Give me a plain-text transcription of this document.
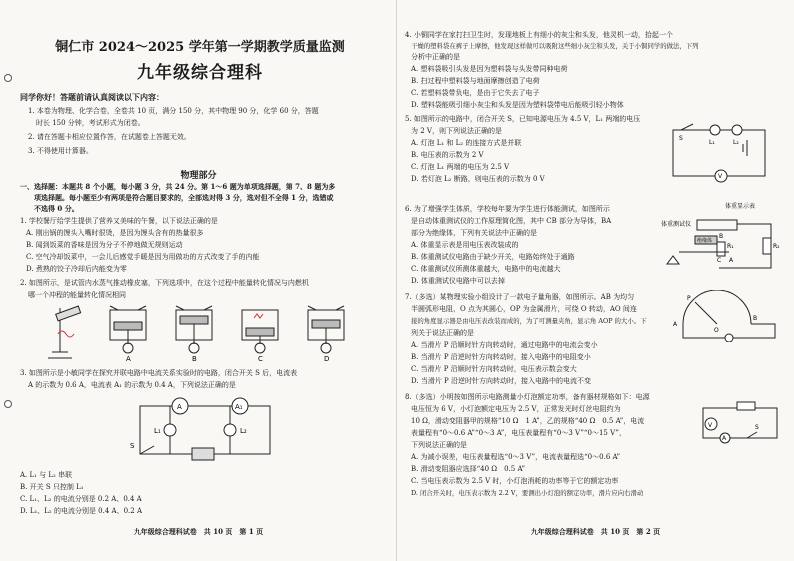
铜仁市 2024～2025 学年第一学期教学质量监测
九年级综合理科
同学你好！答题前请认真阅读以下内容：
1. 本卷为物理、化学合卷，全卷共 10 页，满分 150 分，其中物理 90 分，化学 60 分，答题
时长 150 分钟，考试形式为闭卷。
2. 请在答题卡相应位置作答，在试题卷上答题无效。
3. 不得使用计算器。
物理部分
一、选择题：本题共 8 个小题，每小题 3 分，共 24 分。第 1～6 题为单项选择题，第 7、8 题为多
项选择题。每小题至少有两项是符合题目要求的，全部选对得 3 分，选对但不全得 1 分，选错或
不选得 0 分。
1. 学校餐厅给学生提供了营养又美味的午餐，以下说法正确的是
A. 刚出锅的馒头入嘴时很烫，是因为馒头含有的热量很多
B. 闻到饭菜的香味是因为分子不停地做无规则运动
C. 空气冷却饭菜中，一会儿后感觉手暖是因为用做功的方式改变了手的内能
D. 煮熟的饺子冷却后内能变为零
2. 如图所示，是试管内水蒸气推动橡皮塞，下列选项中，在这个过程中能量转化情况与内燃机
哪一个冲程的能量转化情况相同
A	B	C	D
3. 如图所示是小敏同学在探究并联电路中电流关系实验时的电路，闭合开关 S 后，电流表
A 的示数为 0.6 A，电流表 A₁ 的示数为 0.4 A，下列说法正确的是
A	A₁
L₁	L₂
S
A. L₁ 与 L₂ 串联
B. 开关 S 只控制 L₁
C. L₁、L₂ 的电流分别是 0.2 A、0.4 A
D. L₁、L₂ 的电流分别是 0.4 A、0.2 A
九年级综合理科试卷　共 10 页　第 1 页
4. 小铜同学在家打扫卫生时，发现地板上有细小的灰尘和头发，他灵机一动，拾起一个
干燥的塑料袋在裤子上摩擦，他发现这样做可以吸附这些细小灰尘和头发，关于小铜同学的做法，下列
分析中正确的是
A. 塑料袋吸引头发是因为塑料袋与头发带同种电荷
B. 扫过程中塑料袋与地面摩擦创造了电荷
C. 若塑料袋带负电，是由于它失去了电子
D. 塑料袋能吸引细小灰尘和头发是因为塑料袋带电后能吸引轻小物体
5. 如图所示的电路中，闭合开关 S，已知电源电压为 4.5 V，L₁ 两端的电压
为 2 V，则下列说法正确的是
A. 灯泡 L₁ 和 L₂ 的连接方式是并联
B. 电压表的示数为 2 V
C. 灯泡 L₁ 两端的电压为 2.5 V
D. 若灯泡 L₂ 断路，则电压表的示数为 0 V
S
L₁	L₂
V
6. 为了增强学生体质，学校每年要为学生进行体能测试，如图所示
是自动体重测试仪的工作原理简化图，其中 CB 部分为导体，BA
部分为绝缘体，下列有关说法中正确的是
A. 体重显示表是用电压表改装成的
B. 体重测试仪电路由于缺少开关，电路始终处于通路
C. 体重测试仪所测体重越大，电路中的电流越大
D. 体重测试仪电路中可以去掉
体重显示表
体重测试仪
绝缘体
R₁	R₂
A
B
C
7.（多选）某物理实验小组设计了一款电子量角器，如图所示。AB 为均匀
半圆弧形电阻，O 点为其圆心，OP 为金属滑片，可绕 O 转动，AO 间连
接的角度显示器是由电压表改装而成的，为了可测量夹角，显示角 AOP 的大小。下
列关于说法正确的是
A. 当滑片 P 沿顺时针方向转动时，通过电路中的电流会变小
B. 当滑片 P 沿逆时针方向转动时，接入电路中的电阻变小
C. 当滑片 P 沿顺时针方向转动时，电压表示数会变大
D. 当滑片 P 沿逆时针方向转动时，接入电路中的电流不变
P
A
O
B
8.（多选）小明按如图所示电路测量小灯泡额定功率，备有器材规格如下：电源
电压恒为 6 V，小灯泡额定电压为 2.5 V，正常发光时灯丝电阻约为
10 Ω，滑动变阻器甲的规格“10 Ω　1 A”，乙的规格“40 Ω　0.5 A”，电流
表量程有“0～0.6 A”“0～3 A”，电压表量程有“0～3 V”“0～15 V”，
下列说法正确的是
A. 为减小误差，电压表量程选“0～3 V”，电流表量程选“0～0.6 A”
B. 滑动变阻器应选择“40 Ω　0.5 A”
C. 当电压表示数为 2.5 V 时，小灯泡消耗的功率等于它的额定功率
D. 闭合开关时，电压表示数为 2.2 V，要测出小灯泡的额定功率，滑片应向右滑动
V
A
S
九年级综合理科试卷　共 10 页　第 2 页
